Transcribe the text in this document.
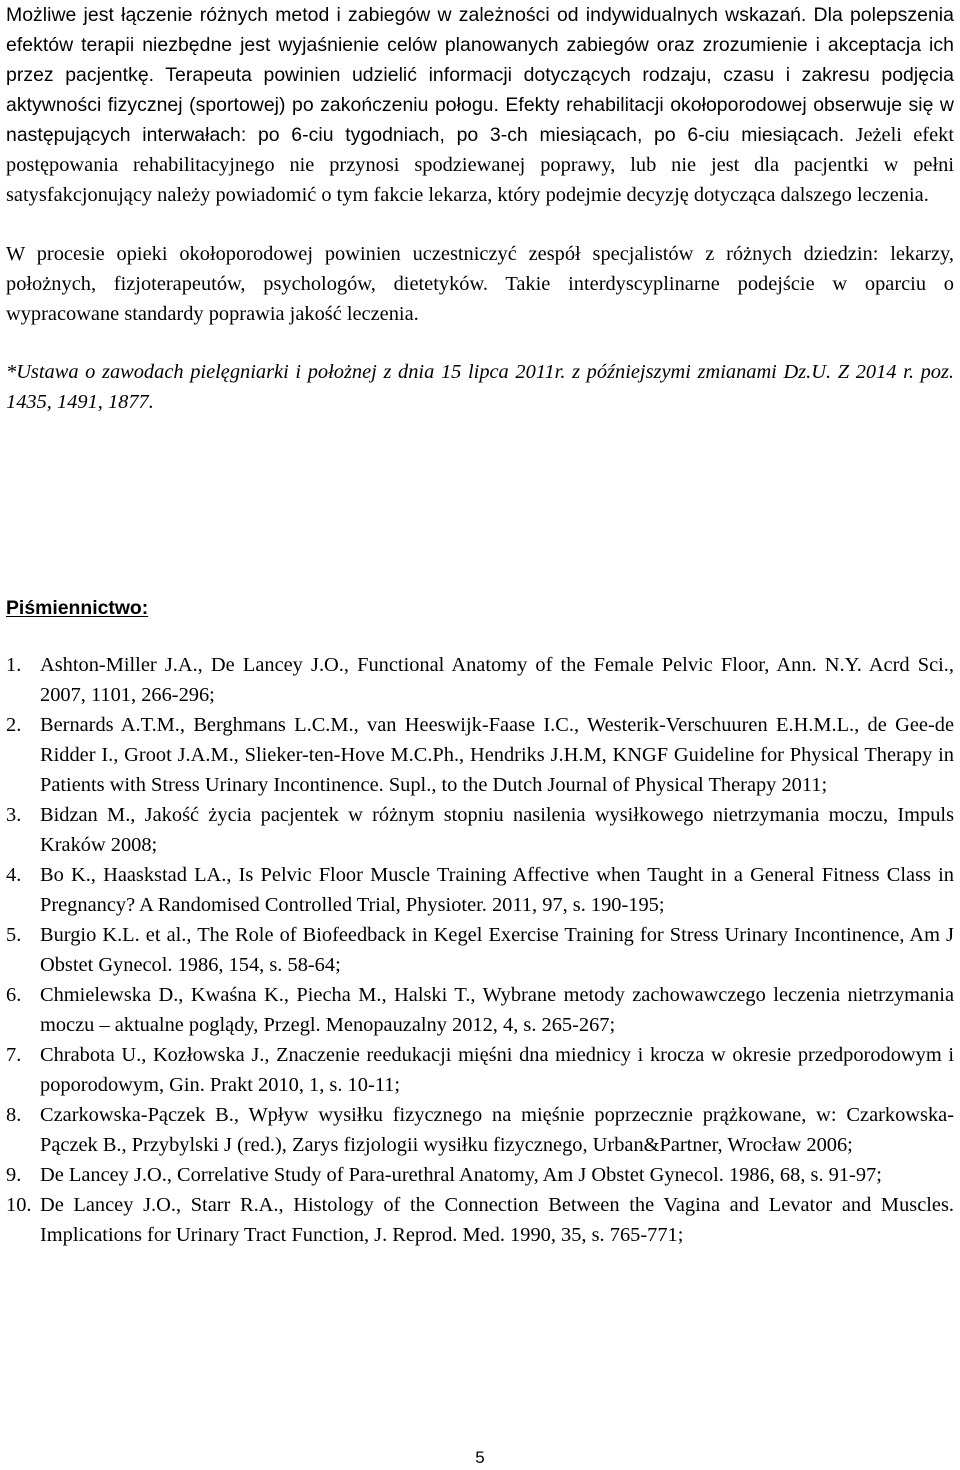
Możliwe jest łączenie różnych metod i zabiegów w zależności od indywidualnych wskazań. Dla polepszenia efektów terapii niezbędne jest wyjaśnienie celów planowanych zabiegów oraz zrozumienie i akceptacja ich przez pacjentkę. Terapeuta powinien udzielić informacji dotyczących rodzaju, czasu i zakresu podjęcia aktywności fizycznej (sportowej) po zakończeniu połogu. Efekty rehabilitacji okołoporodowej obserwuje się w następujących interwałach: po 6-ciu tygodniach, po 3-ch miesiącach, po 6-ciu miesiącach. Jeżeli efekt postępowania rehabilitacyjnego nie przynosi spodziewanej poprawy, lub nie jest dla pacjentki w pełni satysfakcjonujący należy powiadomić o tym fakcie lekarza, który podejmie decyzję dotycząca dalszego leczenia.

W procesie opieki okołoporodowej powinien uczestniczyć zespół specjalistów z różnych dziedzin: lekarzy, położnych, fizjoterapeutów, psychologów, dietetyków. Takie interdyscyplinarne podejście w oparciu o wypracowane standardy poprawia jakość leczenia.

*Ustawa o zawodach pielęgniarki i położnej z dnia 15 lipca 2011r. z późniejszymi zmianami Dz.U. Z 2014 r. poz. 1435, 1491, 1877.

Piśmiennictwo:
1. Ashton-Miller J.A., De Lancey J.O., Functional Anatomy of the Female Pelvic Floor, Ann. N.Y. Acrd Sci., 2007, 1101, 266-296;
2. Bernards A.T.M., Berghmans L.C.M., van Heeswijk-Faase I.C., Westerik-Verschuuren E.H.M.L., de Gee-de Ridder I., Groot J.A.M., Slieker-ten-Hove M.C.Ph., Hendriks J.H.M, KNGF Guideline for Physical Therapy in Patients with Stress Urinary Incontinence. Supl., to the Dutch Journal of Physical Therapy 2011;
3. Bidzan M., Jakość życia pacjentek w różnym stopniu nasilenia wysiłkowego nietrzymania moczu, Impuls Kraków 2008;
4. Bo K., Haaskstad LA., Is Pelvic Floor Muscle Training Affective when Taught in a General Fitness Class in Pregnancy? A Randomised Controlled Trial, Physioter. 2011, 97, s. 190-195;
5. Burgio K.L. et al., The Role of Biofeedback in Kegel Exercise Training for Stress Urinary Incontinence, Am J Obstet Gynecol. 1986, 154, s. 58-64;
6. Chmielewska D., Kwaśna K., Piecha M., Halski T., Wybrane metody zachowawczego leczenia nietrzymania moczu – aktualne poglądy, Przegl. Menopauzalny 2012, 4, s. 265-267;
7. Chrabota U., Kozłowska J., Znaczenie reedukacji mięśni dna miednicy i krocza w okresie przedporodowym i poporodowym, Gin. Prakt 2010, 1, s. 10-11;
8. Czarkowska-Pączek B., Wpływ wysiłku fizycznego na mięśnie poprzecznie prążkowane, w: Czarkowska-Pączek B., Przybylski J (red.), Zarys fizjologii wysiłku fizycznego, Urban&Partner, Wrocław 2006;
9. De Lancey J.O., Correlative Study of Para-urethral Anatomy, Am J Obstet Gynecol. 1986, 68, s. 91-97;
10. De Lancey J.O., Starr R.A., Histology of the Connection Between the Vagina and Levator and Muscles. Implications for Urinary Tract Function, J. Reprod. Med. 1990, 35, s. 765-771;
5
